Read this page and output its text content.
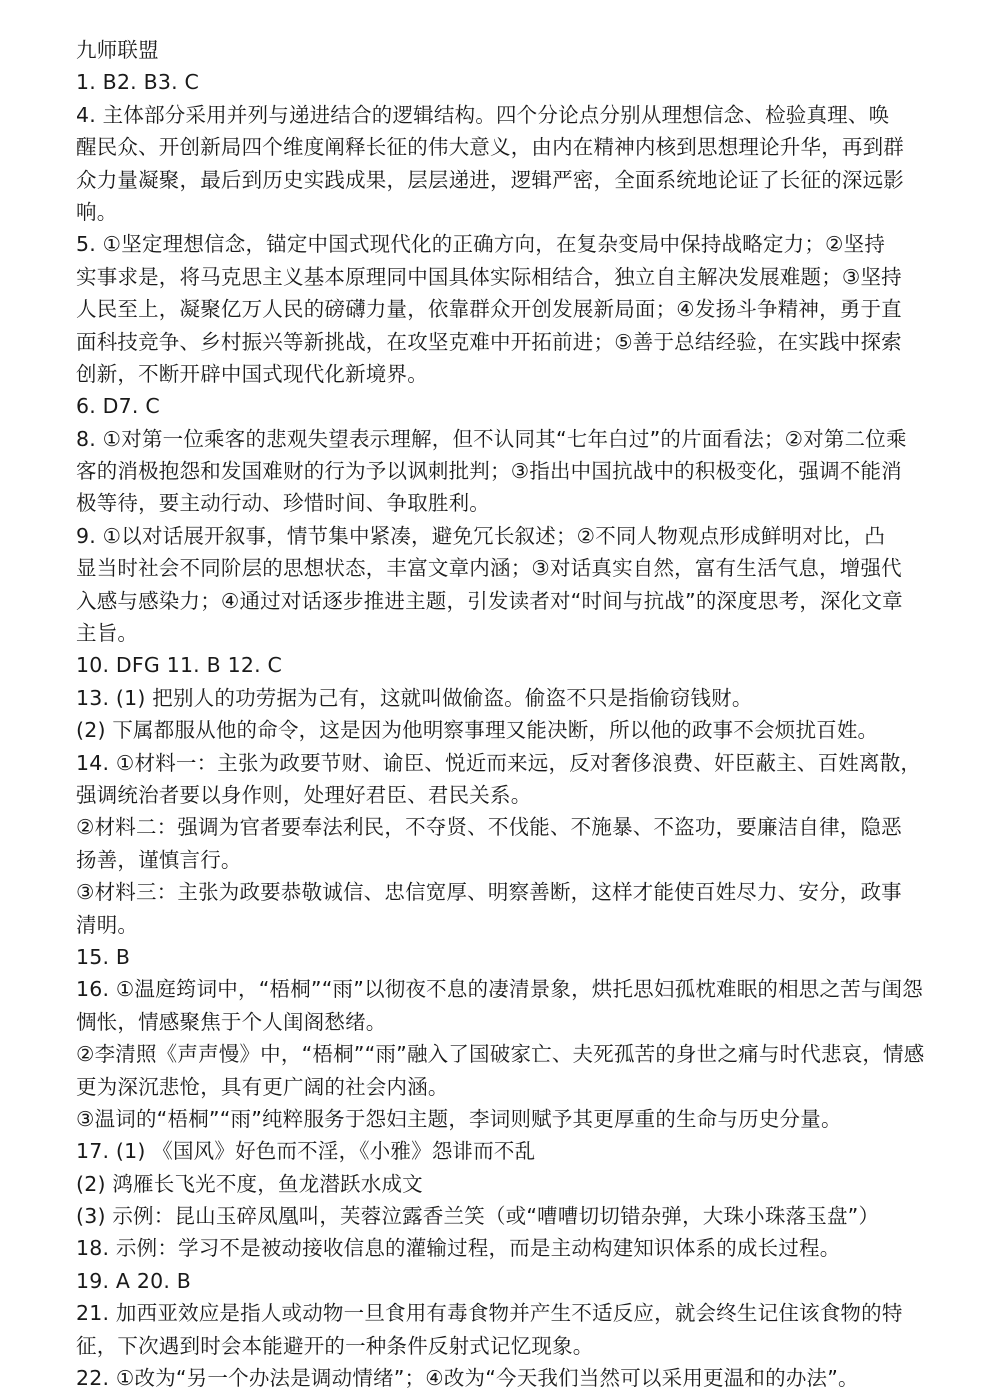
九师联盟
1. B2. B3. C
4. 主体部分采用并列与递进结合的逻辑结构。四个分论点分别从理想信念、检验真理、唤
醒民众、开创新局四个维度阐释长征的伟大意义，由内在精神内核到思想理论升华，再到群
众力量凝聚，最后到历史实践成果，层层递进，逻辑严密，全面系统地论证了长征的深远影
响。
5. ①坚定理想信念，锚定中国式现代化的正确方向，在复杂变局中保持战略定力；②坚持
实事求是，将马克思主义基本原理同中国具体实际相结合，独立自主解决发展难题；③坚持
人民至上，凝聚亿万人民的磅礴力量，依靠群众开创发展新局面；④发扬斗争精神，勇于直
面科技竞争、乡村振兴等新挑战，在攻坚克难中开拓前进；⑤善于总结经验，在实践中探索
创新，不断开辟中国式现代化新境界。
6. D7. C
8. ①对第一位乘客的悲观失望表示理解，但不认同其“七年白过”的片面看法；②对第二位乘
客的消极抱怨和发国难财的行为予以讽刺批判；③指出中国抗战中的积极变化，强调不能消
极等待，要主动行动、珍惜时间、争取胜利。
9. ①以对话展开叙事，情节集中紧凑，避免冗长叙述；②不同人物观点形成鲜明对比，凸
显当时社会不同阶层的思想状态，丰富文章内涵；③对话真实自然，富有生活气息，增强代
入感与感染力；④通过对话逐步推进主题，引发读者对“时间与抗战”的深度思考，深化文章
主旨。
10. DFG 11. B 12. C
13. (1) 把别人的功劳据为己有，这就叫做偷盗。偷盗不只是指偷窃钱财。
(2) 下属都服从他的命令，这是因为他明察事理又能决断，所以他的政事不会烦扰百姓。
14. ①材料一：主张为政要节财、谕臣、悦近而来远，反对奢侈浪费、奸臣蔽主、百姓离散，
强调统治者要以身作则，处理好君臣、君民关系。
②材料二：强调为官者要奉法利民，不夺贤、不伐能、不施暴、不盗功，要廉洁自律，隐恶
扬善，谨慎言行。
③材料三：主张为政要恭敬诚信、忠信宽厚、明察善断，这样才能使百姓尽力、安分，政事
清明。
15. B
16. ①温庭筠词中，“梧桐”“雨”以彻夜不息的凄清景象，烘托思妇孤枕难眠的相思之苦与闺怨
惆怅，情感聚焦于个人闺阁愁绪。
②李清照《声声慢》中，“梧桐”“雨”融入了国破家亡、夫死孤苦的身世之痛与时代悲哀，情感
更为深沉悲怆，具有更广阔的社会内涵。
③温词的“梧桐”“雨”纯粹服务于怨妇主题，李词则赋予其更厚重的生命与历史分量。
17. (1) 《国风》好色而不淫，《小雅》怨诽而不乱
(2) 鸿雁长飞光不度，鱼龙潜跃水成文
(3) 示例：昆山玉碎凤凰叫，芙蓉泣露香兰笑（或“嘈嘈切切错杂弹，大珠小珠落玉盘”）
18. 示例：学习不是被动接收信息的灌输过程，而是主动构建知识体系的成长过程。
19. A 20. B
21. 加西亚效应是指人或动物一旦食用有毒食物并产生不适反应，就会终生记住该食物的特
征，下次遇到时会本能避开的一种条件反射式记忆现象。
22. ①改为“另一个办法是调动情绪”；④改为“今天我们当然可以采用更温和的办法”。
